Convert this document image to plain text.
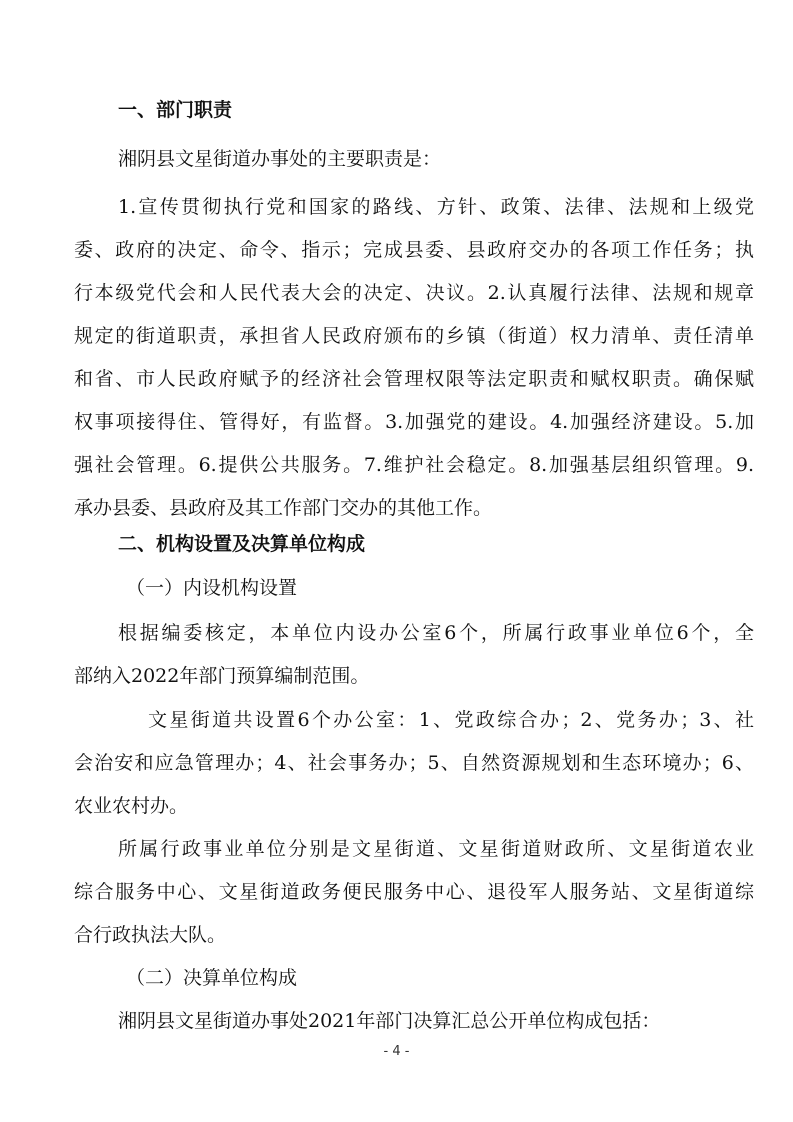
一、部门职责
湘阴县文星街道办事处的主要职责是：
1.宣传贯彻执行党和国家的路线、方针、政策、法律、法规和上级党
委、政府的决定、命令、指示；完成县委、县政府交办的各项工作任务；执
行本级党代会和人民代表大会的决定、决议。2.认真履行法律、法规和规章
规定的街道职责，承担省人民政府颁布的乡镇（街道）权力清单、责任清单
和省、市人民政府赋予的经济社会管理权限等法定职责和赋权职责。确保赋
权事项接得住、管得好，有监督。3.加强党的建设。4.加强经济建设。5.加
强社会管理。6.提供公共服务。7.维护社会稳定。8.加强基层组织管理。9.
承办县委、县政府及其工作部门交办的其他工作。
二、机构设置及决算单位构成
（一）内设机构设置
根据编委核定，本单位内设办公室6个，所属行政事业单位6个，全
部纳入2022年部门预算编制范围。
文星街道共设置6个办公室：1、党政综合办；2、党务办；3、社
会治安和应急管理办；4、社会事务办；5、自然资源规划和生态环境办；6、
农业农村办。
所属行政事业单位分别是文星街道、文星街道财政所、文星街道农业
综合服务中心、文星街道政务便民服务中心、退役军人服务站、文星街道综
合行政执法大队。
（二）决算单位构成
湘阴县文星街道办事处2021年部门决算汇总公开单位构成包括：
- 4 -
